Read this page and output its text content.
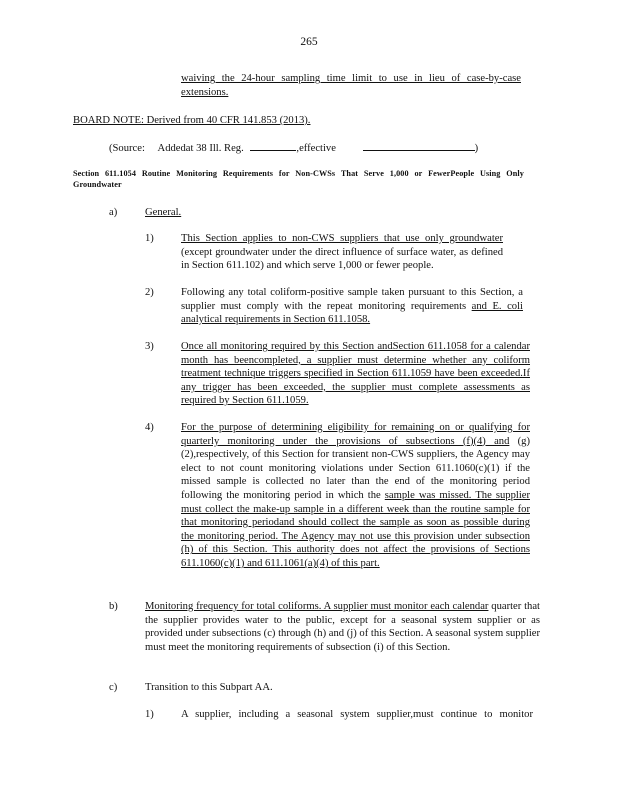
265

waiving the 24-hour sampling time limit to use in lieu of case-by-case extensions.

BOARD NOTE: Derived from 40 CFR 141.853 (2013).

(Source: Addedat 38 Ill. Reg.	,effective	)

Section 611.1054 Routine Monitoring Requirements for Non-CWSs That Serve 1,000 or FewerPeople Using Only Groundwater

a)	General.
1)	This Section applies to non-CWS suppliers that use only groundwater (except groundwater under the direct influence of surface water, as defined in Section 611.102) and which serve 1,000 or fewer people.
2)	Following any total coliform-positive sample taken pursuant to this Section, a supplier must comply with the repeat monitoring requirements and E. coli analytical requirements in Section 611.1058.
3)	Once all monitoring required by this Section andSection 611.1058 for a calendar month has beencompleted, a supplier must determine whether any coliform treatment technique triggers specified in Section 611.1059 have been exceeded.If any trigger has been exceeded, the supplier must complete assessments as required by Section 611.1059.

4)	For the purpose of determining eligibility for remaining on or qualifying for quarterly monitoring under the provisions of subsections (f)(4) and (g)(2),respectively, of this Section for transient non-CWS suppliers, the Agency may elect to not count monitoring violations under Section 611.1060(c)(1) if the missed sample is collected no later than the end of the monitoring period following the monitoring period in which the sample was missed. The supplier must collect the make-up sample in a different week than the routine sample for that monitoring periodand should collect the sample as soon as possible during the monitoring period. The Agency may not use this provision under subsection (h) of this Section. This authority does not affect the provisions of Sections 611.1060(c)(1) and 611.1061(a)(4) of this part.
b)	Monitoring frequency for total coliforms. A supplier must monitor each calendar quarter that the supplier provides water to the public, except for a seasonal system supplier or as provided under subsections (c) through (h) and (j) of this Section. A seasonal system supplier must meet the monitoring requirements of subsection (i) of this Section.
c)	Transition to this Subpart AA.
1)	A supplier, including a seasonal system supplier,must continue to monitor
